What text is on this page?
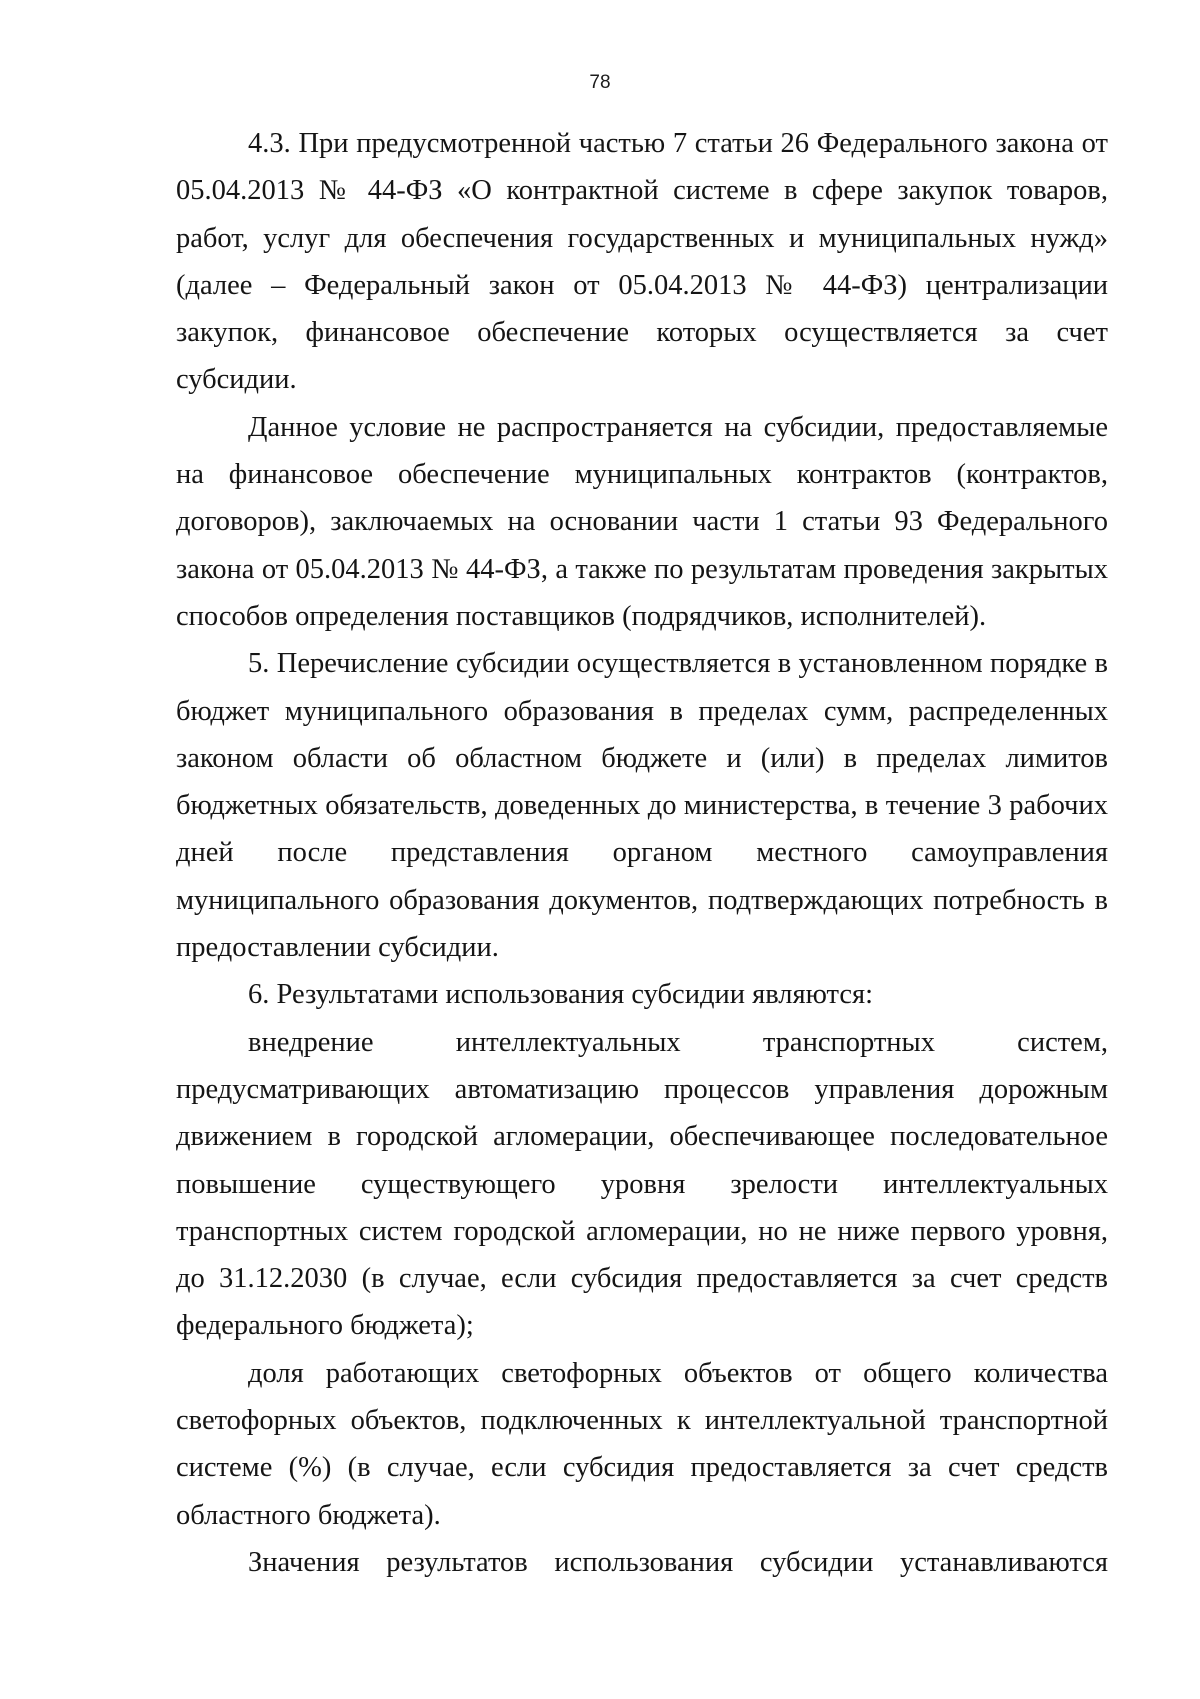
78

4.3. При предусмотренной частью 7 статьи 26 Федерального закона от 05.04.2013 № 44-ФЗ «О контрактной системе в сфере закупок товаров, работ, услуг для обеспечения государственных и муниципальных нужд» (далее – Федеральный закон от 05.04.2013 № 44-ФЗ) централизации закупок, финансовое обеспечение которых осуществляется за счет субсидии.

Данное условие не распространяется на субсидии, предоставляемые на финансовое обеспечение муниципальных контрактов (контрактов, договоров), заключаемых на основании части 1 статьи 93 Федерального закона от 05.04.2013 № 44-ФЗ, а также по результатам проведения закрытых способов определения поставщиков (подрядчиков, исполнителей).

5. Перечисление субсидии осуществляется в установленном порядке в бюджет муниципального образования в пределах сумм, распределенных законом области об областном бюджете и (или) в пределах лимитов бюджетных обязательств, доведенных до министерства, в течение 3 рабочих дней после представления органом местного самоуправления муниципального образования документов, подтверждающих потребность в предоставлении субсидии.

6. Результатами использования субсидии являются:

внедрение интеллектуальных транспортных систем, предусматривающих автоматизацию процессов управления дорожным движением в городской агломерации, обеспечивающее последовательное повышение существующего уровня зрелости интеллектуальных транспортных систем городской агломерации, но не ниже первого уровня, до 31.12.2030 (в случае, если субсидия предоставляется за счет средств федерального бюджета);

доля работающих светофорных объектов от общего количества светофорных объектов, подключенных к интеллектуальной транспортной системе (%) (в случае, если субсидия предоставляется за счет средств областного бюджета).

Значения результатов использования субсидии устанавливаются
